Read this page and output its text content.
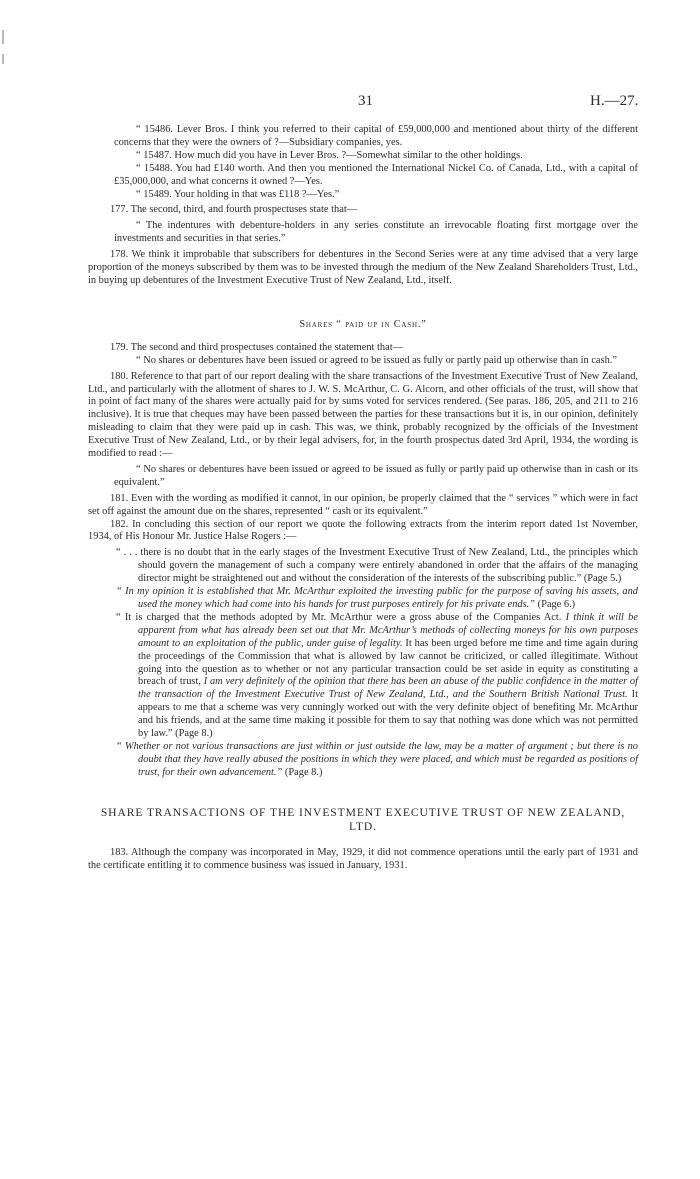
31	H.—27.

“ 15486. Lever Bros. I think you referred to their capital of £59,000,000 and mentioned about thirty of the different concerns that they were the owners of ?—Subsidiary companies, yes.

“ 15487. How much did you have in Lever Bros. ?—Somewhat similar to the other holdings.

“ 15488. You had £140 worth. And then you mentioned the International Nickel Co. of Canada, Ltd., with a capital of £35,000,000, and what concerns it owned ?—Yes.

“ 15489. Your holding in that was £118 ?—Yes.”

177. The second, third, and fourth prospectuses state that—

“ The indentures with debenture-holders in any series constitute an irrevocable floating first mortgage over the investments and securities in that series.”

178. We think it improbable that subscribers for debentures in the Second Series were at any time advised that a very large proportion of the moneys subscribed by them was to be invested through the medium of the New Zealand Shareholders Trust, Ltd., in buying up debentures of the Investment Executive Trust of New Zealand, Ltd., itself.

Shares “ paid up in Cash.”

179. The second and third prospectuses contained the statement that—

“ No shares or debentures have been issued or agreed to be issued as fully or partly paid up otherwise than in cash.”

180. Reference to that part of our report dealing with the share transactions of the Investment Executive Trust of New Zealand, Ltd., and particularly with the allotment of shares to J. W. S. McArthur, C. G. Alcorn, and other officials of the trust, will show that in point of fact many of the shares were actually paid for by sums voted for services rendered. (See paras. 186, 205, and 211 to 216 inclusive). It is true that cheques may have been passed between the parties for these transactions but it is, in our opinion, definitely misleading to claim that they were paid up in cash. This was, we think, probably recognized by the officials of the Investment Executive Trust of New Zealand, Ltd., or by their legal advisers, for, in the fourth prospectus dated 3rd April, 1934, the wording is modified to read :—

“ No shares or debentures have been issued or agreed to be issued as fully or partly paid up otherwise than in cash or its equivalent.”

181. Even with the wording as modified it cannot, in our opinion, be properly claimed that the “ services ” which were in fact set off against the amount due on the shares, represented “ cash or its equivalent.”

182. In concluding this section of our report we quote the following extracts from the interim report dated 1st November, 1934, of His Honour Mr. Justice Halse Rogers :—

“ . . . there is no doubt that in the early stages of the Investment Executive Trust of New Zealand, Ltd., the principles which should govern the management of such a company were entirely abandoned in order that the affairs of the managing director might be straightened out and without the consideration of the interests of the subscribing public.” (Page 5.)

“ In my opinion it is established that Mr. McArthur exploited the investing public for the purpose of saving his assets, and used the money which had come into his hands for trust purposes entirely for his private ends.” (Page 6.)

“ It is charged that the methods adopted by Mr. McArthur were a gross abuse of the Companies Act. I think it will be apparent from what has already been set out that Mr. McArthur’s methods of collecting moneys for his own purposes amount to an exploitation of the public, under guise of legality. It has been urged before me time and time again during the proceedings of the Commission that what is allowed by law cannot be criticized, or called illegitimate. Without going into the question as to whether or not any particular transaction could be set aside in equity as constituting a breach of trust, I am very definitely of the opinion that there has been an abuse of the public confidence in the matter of the transaction of the Investment Executive Trust of New Zealand, Ltd., and the Southern British National Trust. It appears to me that a scheme was very cunningly worked out with the very definite object of benefiting Mr. McArthur and his friends, and at the same time making it possible for them to say that nothing was done which was not permitted by law.” (Page 8.)

“ Whether or not various transactions are just within or just outside the law, may be a matter of argument ; but there is no doubt that they have really abused the positions in which they were placed, and which must be regarded as positions of trust, for their own advancement.” (Page 8.)

SHARE TRANSACTIONS OF THE INVESTMENT EXECUTIVE TRUST OF NEW ZEALAND, LTD.

183. Although the company was incorporated in May, 1929, it did not commence operations until the early part of 1931 and the certificate entitling it to commence business was issued in January, 1931.
